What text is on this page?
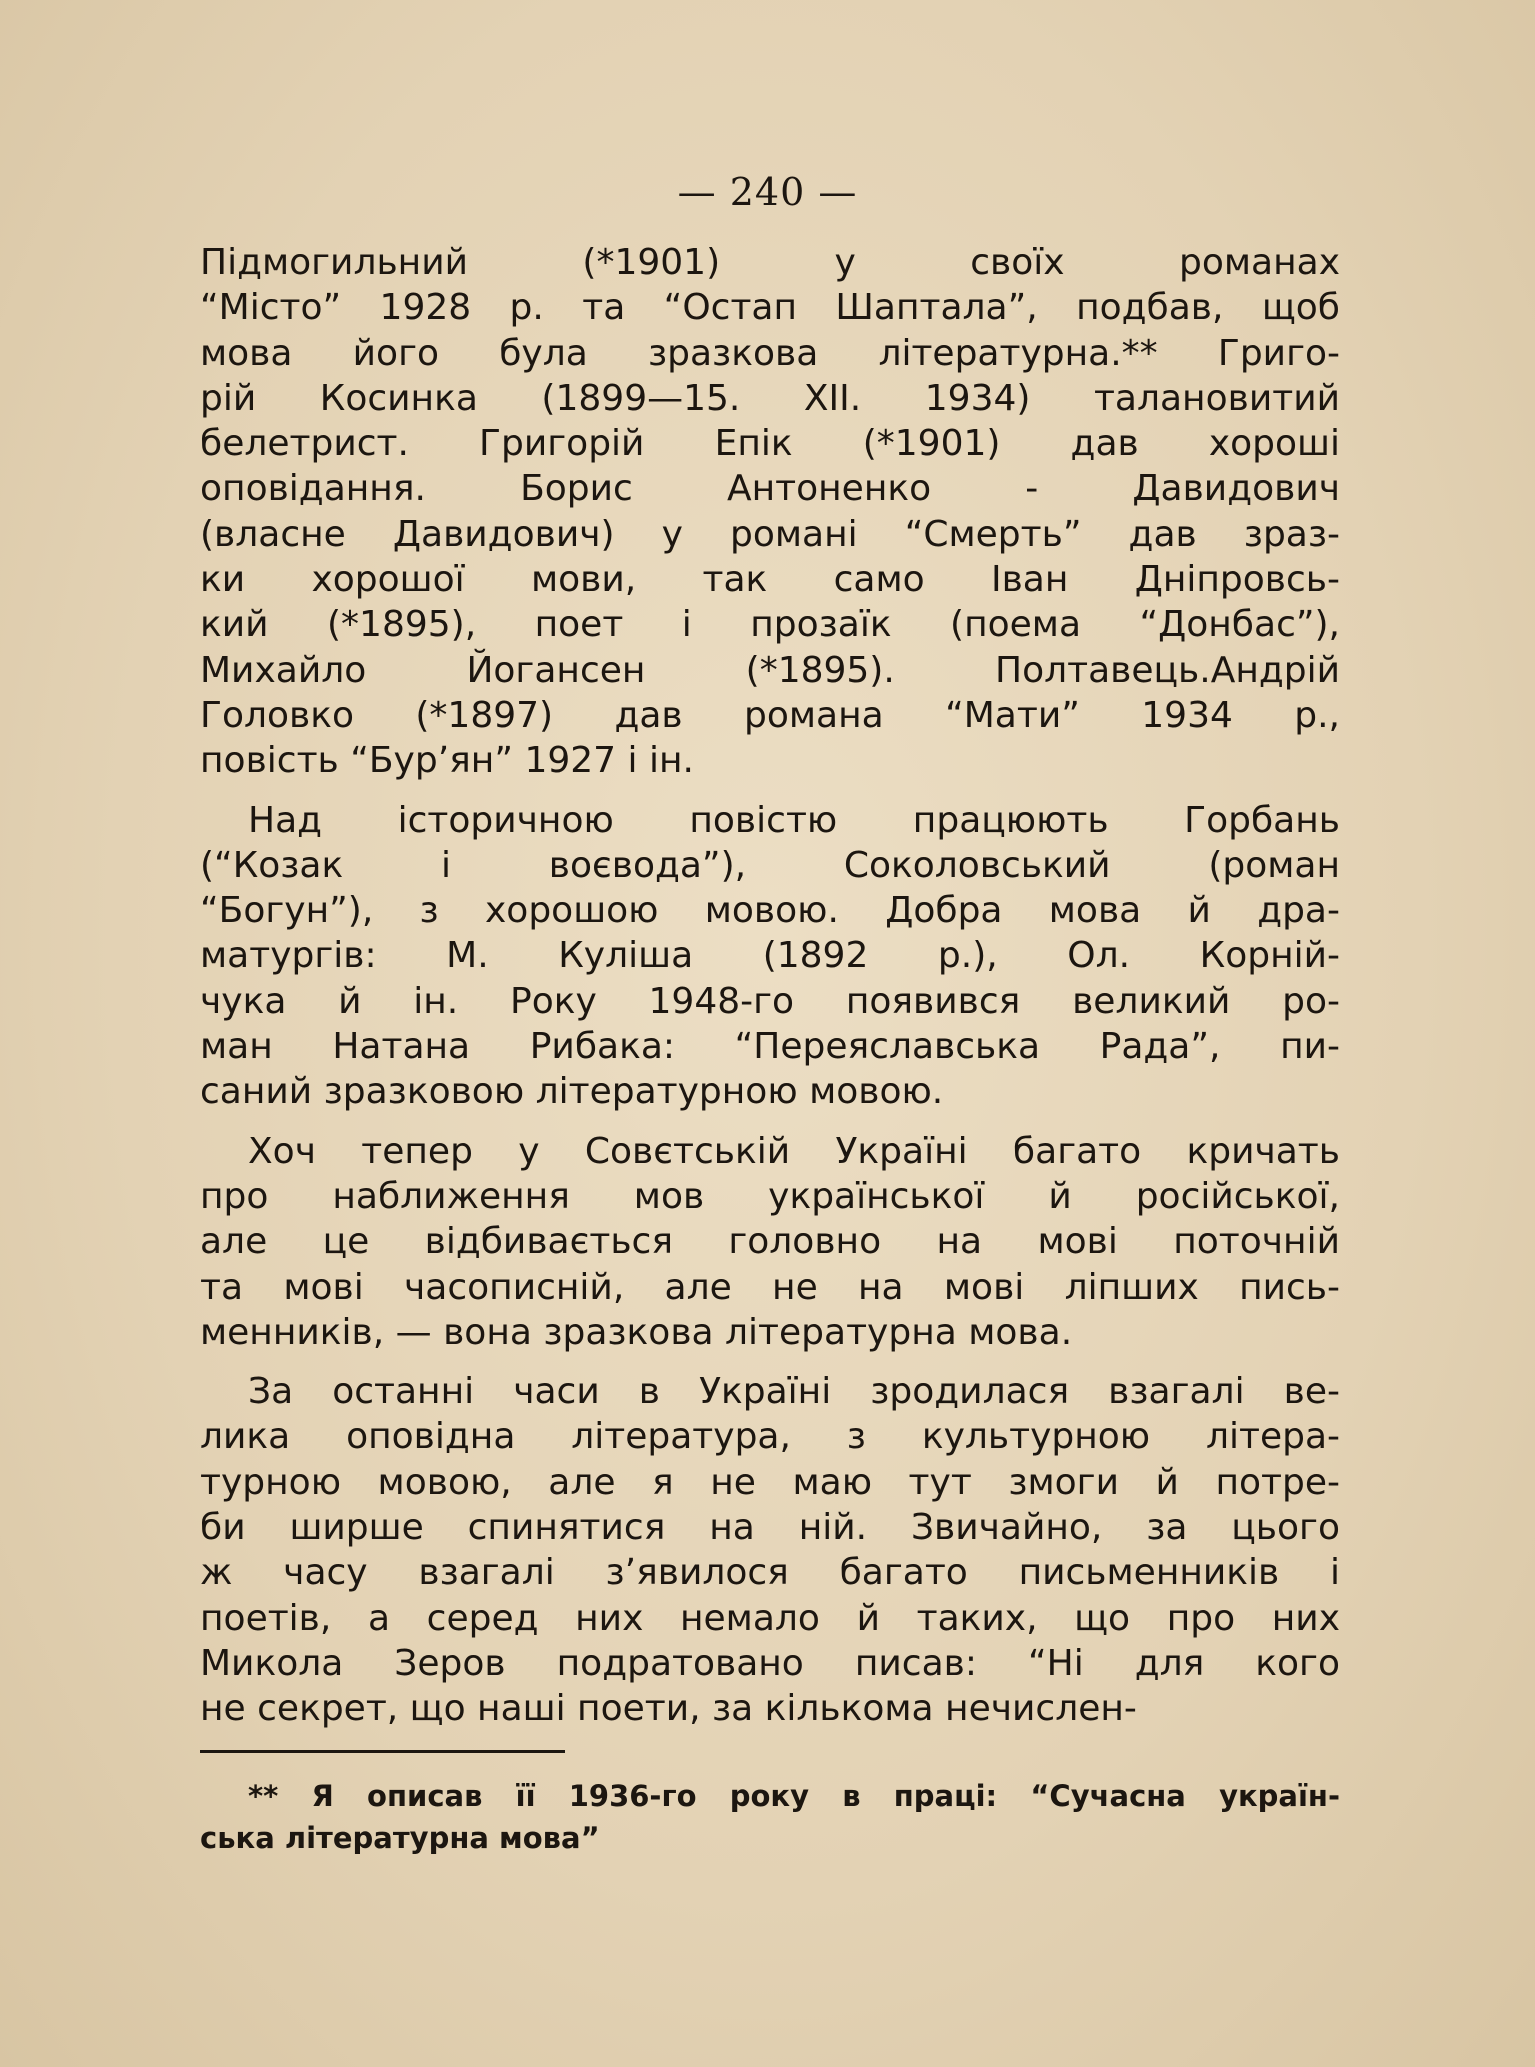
— 240 —
Підмогильний (*1901) у своїх романах
“Місто” 1928 р. та “Остап Шаптала”, подбав, щоб
мова його була зразкова літературна.** Григо-
рій Косинка (1899—15. XII. 1934) талановитий
белетрист. Григорій Епік (*1901) дав хороші
оповідання. Борис Антоненко - Давидович
(власне Давидович) у романі “Смерть” дав зраз-
ки хорошої мови, так само Іван Дніпровсь-
кий (*1895), поет і прозаїк (поема “Донбас”),
Михайло Йогансен (*1895). Полтавець.Андрій
Головко (*1897) дав романа “Мати” 1934 р.,
повість “Бур’ян” 1927 і ін.
Над історичною повістю працюють Горбань
(“Козак і воєвода”), Соколовський (роман
“Богун”), з хорошою мовою. Добра мова й дра-
матургів: М. Куліша (1892 р.), Ол. Корній-
чука й ін. Року 1948-го появився великий ро-
ман Натана Рибака: “Переяславська Рада”, пи-
саний зразковою літературною мовою.
Хоч тепер у Совєтській Україні багато кричать
про наближення мов української й російської,
але це відбивається головно на мові поточній
та мові часописній, але не на мові ліпших пись-
менників, — вона зразкова літературна мова.
За останні часи в Україні зродилася взагалі ве-
лика оповідна література, з культурною літера-
турною мовою, але я не маю тут змоги й потре-
би ширше спинятися на ній. Звичайно, за цього
ж часу взагалі з’явилося багато письменників і
поетів, а серед них немало й таких, що про них
Микола Зеров подратовано писав: “Ні для кого
не секрет, що наші поети, за кількома нечислен-
** Я описав її 1936-го року в праці: “Сучасна україн-
ська літературна мова”
